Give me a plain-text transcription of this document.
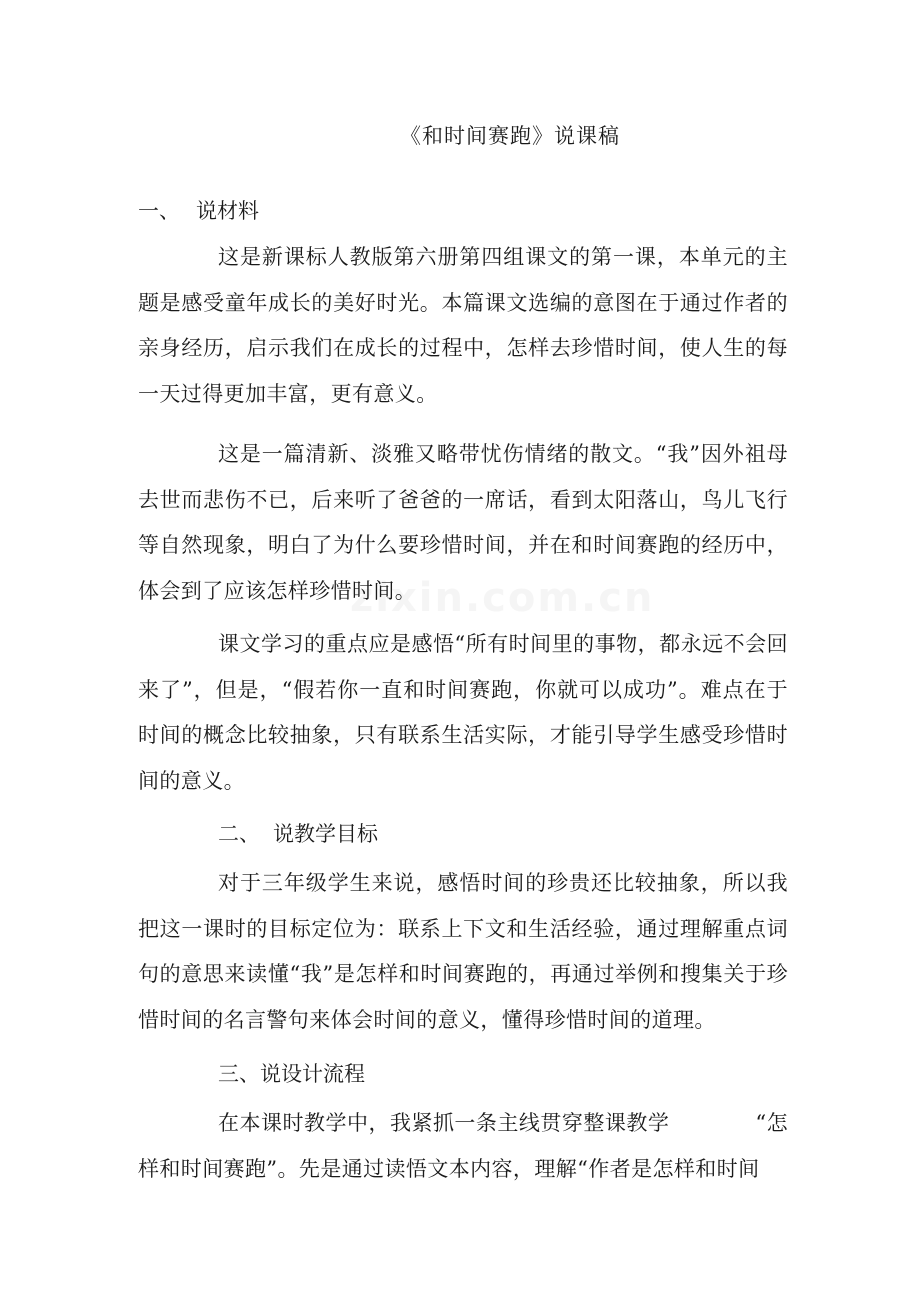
zixin.com.cn
《和时间赛跑》说课稿
一、 说材料

这是新课标人教版第六册第四组课文的第一课，本单元的主题是感受童年成长的美好时光。本篇课文选编的意图在于通过作者的亲身经历，启示我们在成长的过程中，怎样去珍惜时间，使人生的每一天过得更加丰富，更有意义。

这是一篇清新、淡雅又略带忧伤情绪的散文。“我”因外祖母去世而悲伤不已，后来听了爸爸的一席话，看到太阳落山，鸟儿飞行等自然现象，明白了为什么要珍惜时间，并在和时间赛跑的经历中，体会到了应该怎样珍惜时间。

课文学习的重点应是感悟“所有时间里的事物，都永远不会回来了”，但是，“假若你一直和时间赛跑，你就可以成功”。难点在于时间的概念比较抽象，只有联系生活实际，才能引导学生感受珍惜时间的意义。

二、 说教学目标

对于三年级学生来说，感悟时间的珍贵还比较抽象，所以我把这一课时的目标定位为：联系上下文和生活经验，通过理解重点词句的意思来读懂“我”是怎样和时间赛跑的，再通过举例和搜集关于珍惜时间的名言警句来体会时间的意义，懂得珍惜时间的道理。

三、说设计流程

在本课时教学中，我紧抓一条主线贯穿整课教学　　　　“怎样和时间赛跑”。先是通过读悟文本内容，理解“作者是怎样和时间
